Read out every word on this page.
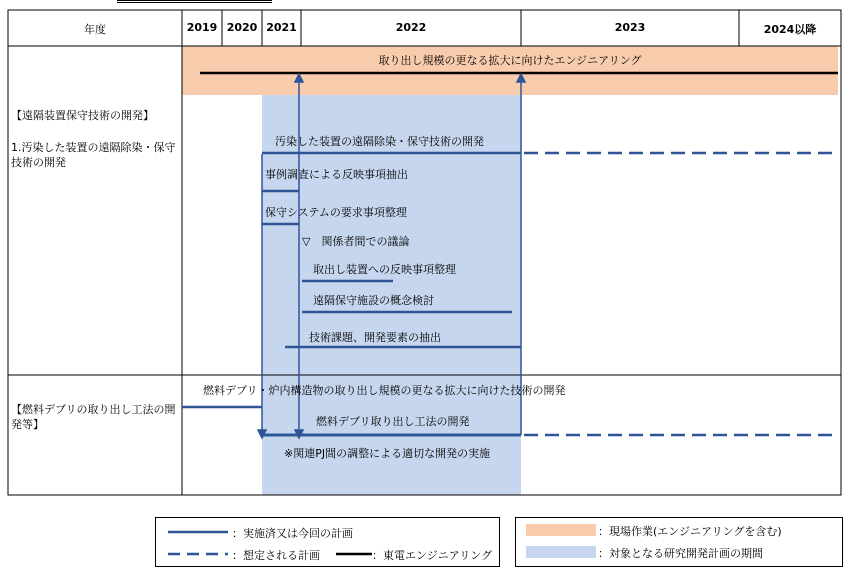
年度	2019 2020 2021	2022	2023	2024以降
取り出し規模の更なる拡大に向けたエンジニアリング
【遠隔装置保守技術の開発】
1.汚染した装置の遠隔除染・保守技術の開発
【燃料デブリの取り出し工法の開発等】
汚染した装置の遠隔除染・保守技術の開発
事例調査による反映事項抽出
保守システムの要求事項整理
▽　関係者間での議論
取出し装置への反映事項整理
遠隔保守施設の概念検討
技術課題、開発要素の抽出
燃料デブリ・炉内構造物の取り出し規模の更なる拡大に向けた技術の開発
燃料デブリ取り出し工法の開発
※関連PJ間の調整による適切な開発の実施
：実施済又は今回の計画
：想定される計画	：東電エンジニアリング
：現場作業(エンジニアリングを含む)
：対象となる研究開発計画の期間
